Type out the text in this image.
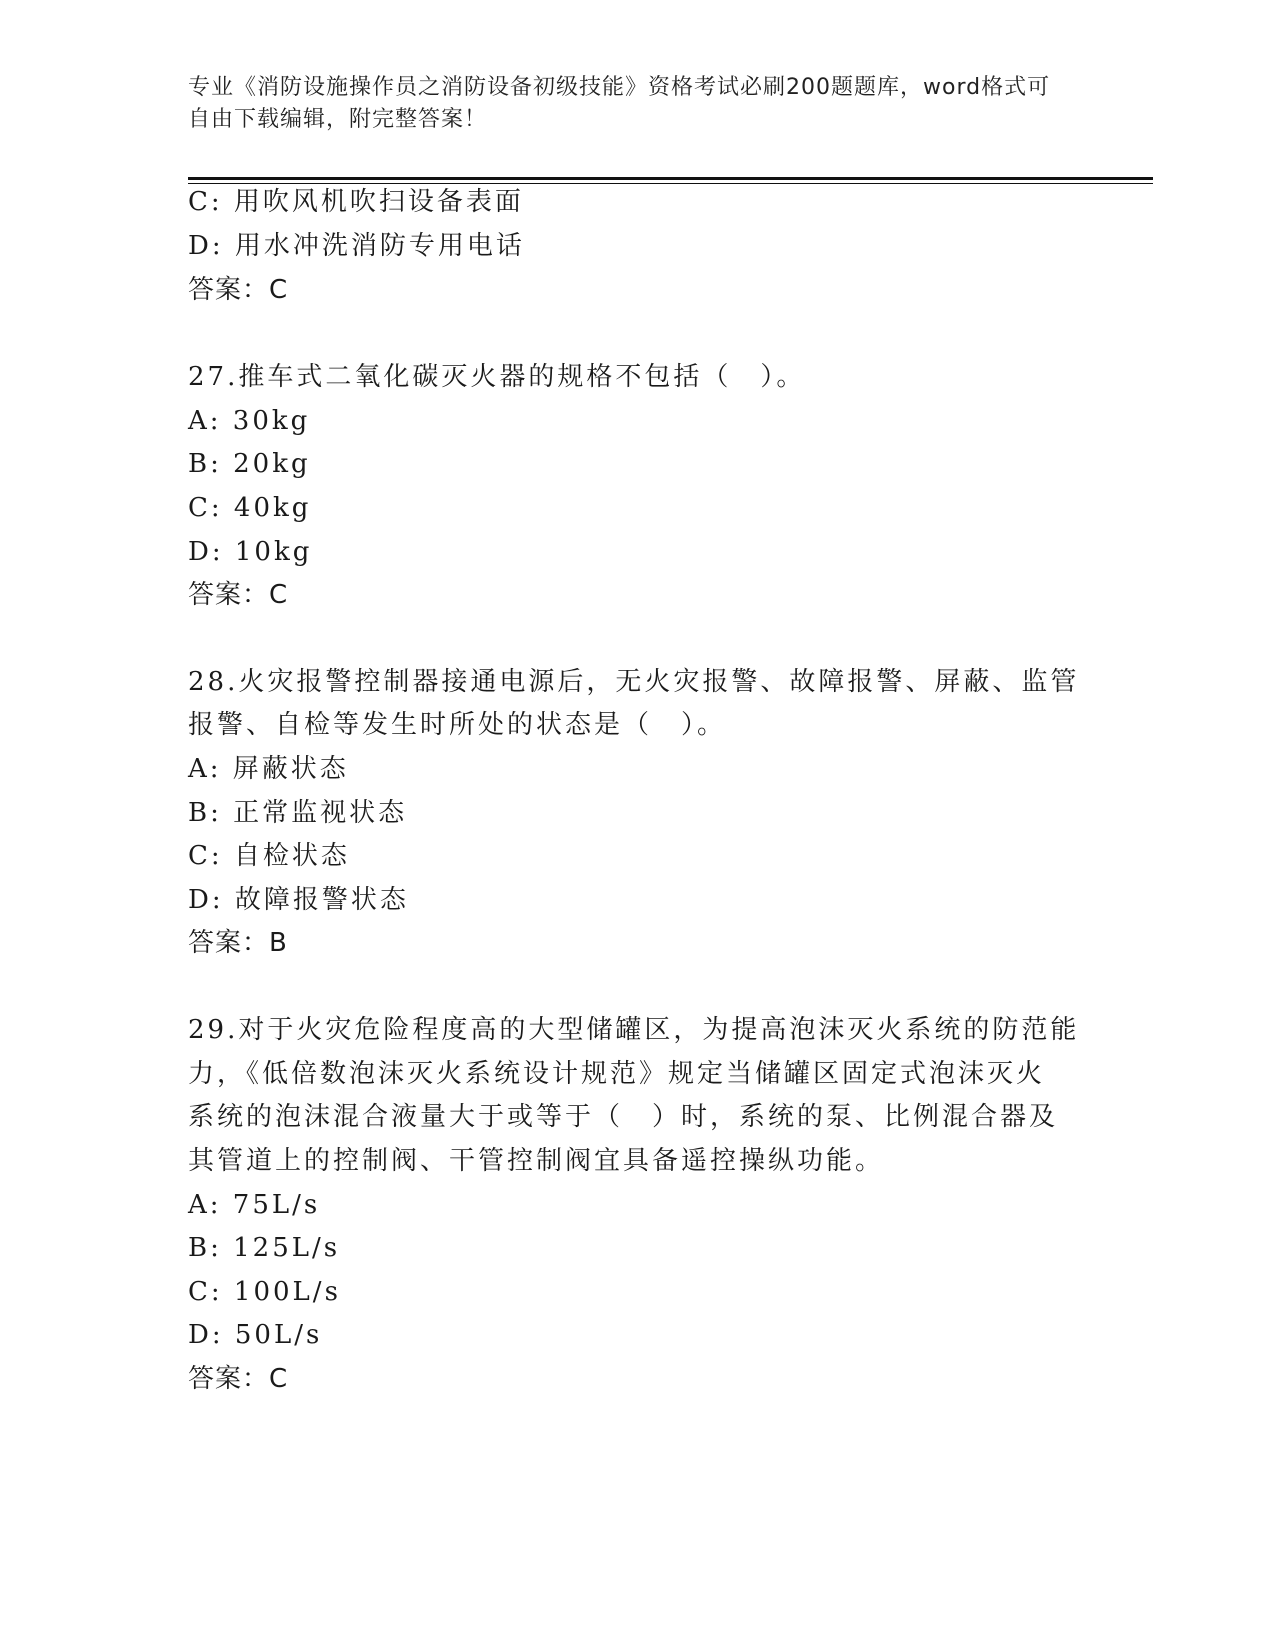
专业《消防设施操作员之消防设备初级技能》资格考试必刷200题题库，word格式可自由下载编辑，附完整答案！
C: 用吹风机吹扫设备表面
D: 用水冲洗消防专用电话
答案：C
27.推车式二氧化碳灭火器的规格不包括（　）。
A: 30kg
B: 20kg
C: 40kg
D: 10kg
答案：C
28.火灾报警控制器接通电源后，无火灾报警、故障报警、屏蔽、监管
报警、自检等发生时所处的状态是（　）。
A: 屏蔽状态
B: 正常监视状态
C: 自检状态
D: 故障报警状态
答案：B
29.对于火灾危险程度高的大型储罐区，为提高泡沫灭火系统的防范能
力，《低倍数泡沫灭火系统设计规范》规定当储罐区固定式泡沫灭火
系统的泡沫混合液量大于或等于（　）时，系统的泵、比例混合器及
其管道上的控制阀、干管控制阀宜具备遥控操纵功能。
A: 75L/s
B: 125L/s
C: 100L/s
D: 50L/s
答案：C
